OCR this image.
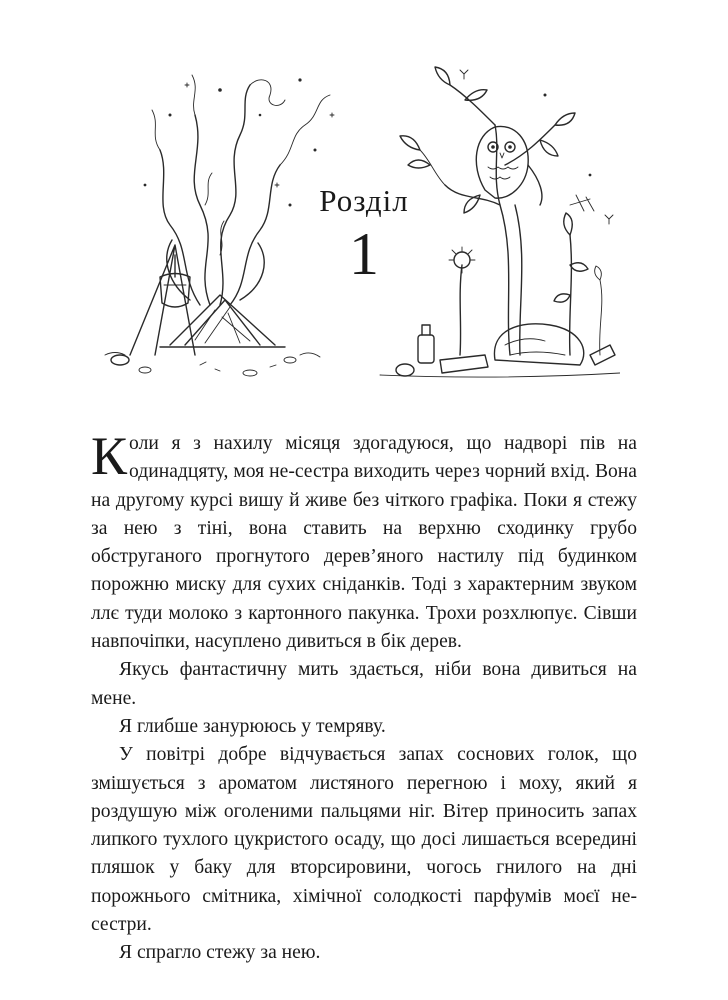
Розділ
1

Коли я з нахилу місяця здогадуюся, що надворі пів на одинадцяту, моя не-сестра виходить через чорний вхід. Вона на другому курсі вишу й живе без чіткого графіка. Поки я стежу за нею з тіні, вона ставить на верхню сходинку грубо обструганого прогнутого дерев’яного настилу під будинком порожню миску для сухих сніданків. Тоді з характерним звуком ллє туди молоко з картонного пакунка. Трохи розхлюпує. Сівши навпочіпки, насуплено дивиться в бік дерев.

Якусь фантастичну мить здається, ніби вона дивиться на мене.

Я глибше занурююсь у темряву.

У повітрі добре відчувається запах соснових голок, що змішується з ароматом листяного перегною і моху, який я роздушую між оголеними пальцями ніг. Вітер приносить запах липкого тухлого цукристого осаду, що досі лишається всередині пляшок у баку для вторсировини, чогось гнилого на дні порожнього смітника, хімічної солодкості парфумів моєї не-сестри.

Я спрагло стежу за нею.
